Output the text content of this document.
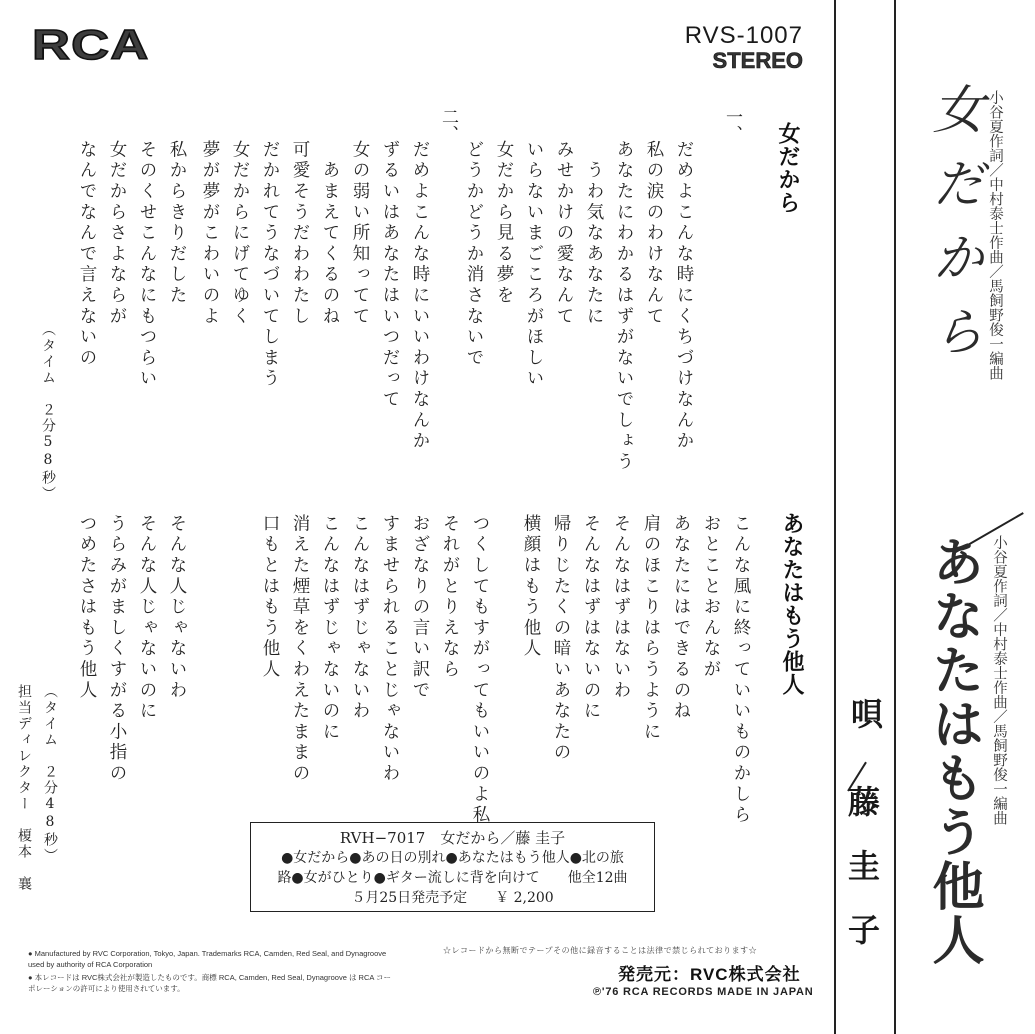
RCA	RVS-1007
STEREO
女だから
一、
だめよこんな時にくちづけなんか
私の涙のわけなんて
あなたにわかるはずがないでしょう
　うわ気なあなたに
みせかけの愛なんて
いらないまごころがほしい
女だから見る夢を
どうかどうか消さないで
二、
だめよこんな時にいいわけなんか
ずるいはあなたはいつだって
女の弱い所知ってて
　あまえてくるのね
可愛そうだわわたし
だかれてうなづいてしまう
女だからにげてゆく
夢が夢がこわいのよ
私からきりだした
そのくせこんなにもつらい
女だからさよならが
なんでなんで言えないの
（タイム　２分58秒）
あなたはもう他人
こんな風に終っていいものかしら
おとことおんなが
あなたにはできるのね
肩のほこりはらうように
そんなはずはないわ
そんなはずはないのに
帰りじたくの暗いあなたの
横顔はもう他人
つくしてもすがってもいいのよ私
それがとりえなら
おざなりの言い訳で
すませられることじゃないわ
こんなはずじゃないわ
こんなはずじゃないのに
消えた煙草をくわえたままの
口もとはもう他人
そんな人じゃないわ
そんな人じゃないのに
うらみがましくすがる小指の
つめたさはもう他人
（タイム　２分48秒）
担当ディレクター　榎本　襄	RVH−7017　女だから／藤 圭子
●女だから●あの日の別れ●あなたはもう他人●北の旅
路●女がひとり●ギター流しに背を向けて　　他全12曲
５月25日発売予定　　￥ 2,200
● Manufactured by RVC Corporation, Tokyo, Japan. Trademarks RCA, Camden, Red Seal, and Dynagroove used by authority of RCA Corporation
● 本レコードは RVC株式会社が製造したものです。商標 RCA, Camden, Red Seal, Dynagroove は RCA コーポレーションの許可により使用されています。
☆レコードから無断でテープその他に録音することは法律で禁じられております☆
発売元：RVC株式会社
℗'76 RCA RECORDS MADE IN JAPAN
唄
藤　圭　子
女だから 小谷夏作詞／中村泰士作曲／馬飼野俊一編曲
あなたはもう他人 小谷夏作詞／中村泰士作曲／馬飼野俊一編曲
